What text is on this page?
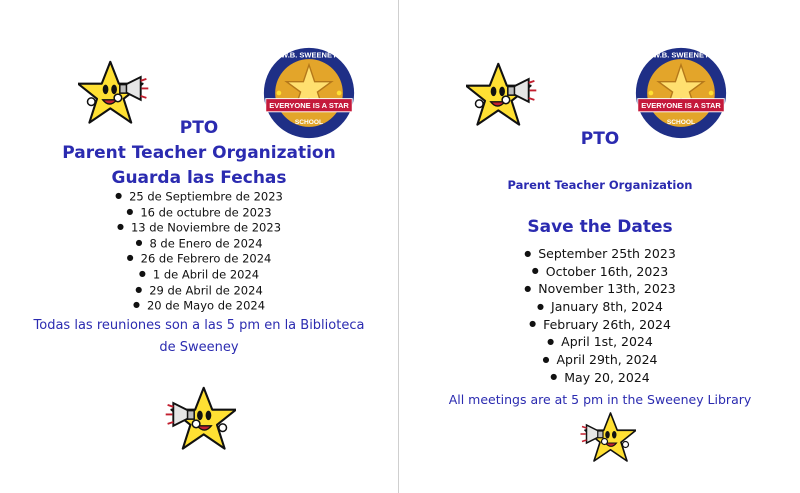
EVERYONE IS A STAR
W.B. SWEENEY
SCHOOL
PTO
Parent Teacher Organization
Guarda las Fechas
● 25 de Septiembre de 2023
● 16 de octubre de 2023
● 13 de Noviembre de 2023
● 8 de Enero de 2024
● 26 de Febrero de 2024
● 1 de Abril de 2024
● 29 de Abril de 2024
● 20 de Mayo de 2024
Todas las reuniones son a las 5 pm en la Biblioteca
de Sweeney
EVERYONE IS A STAR
W.B. SWEENEY
SCHOOL
PTO
Parent Teacher Organization
Save the Dates
● September 25th 2023
● October 16th, 2023
● November 13th, 2023
● January 8th, 2024
● February 26th, 2024
● April 1st, 2024
● April 29th, 2024
● May 20, 2024
All meetings are at 5 pm in the Sweeney Library
